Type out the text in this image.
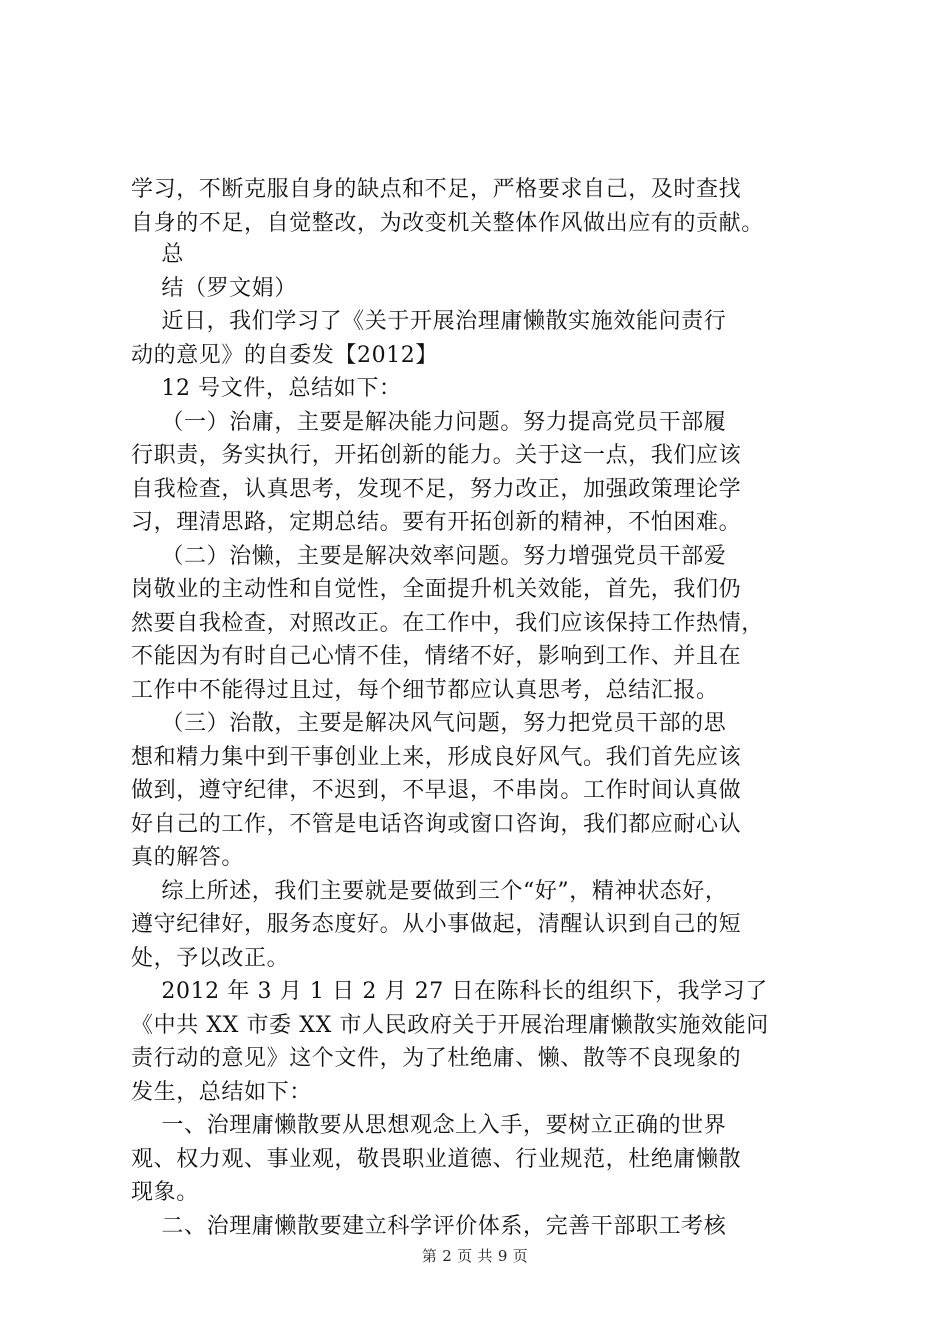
学习，不断克服自身的缺点和不足，严格要求自己，及时查找
自身的不足，自觉整改，为改变机关整体作风做出应有的贡献。
总
结（罗文娟）
近日，我们学习了《关于开展治理庸懒散实施效能问责行
动的意见》的自委发【2012】
12 号文件，总结如下：
（一）治庸，主要是解决能力问题。努力提高党员干部履
行职责，务实执行，开拓创新的能力。关于这一点，我们应该
自我检查，认真思考，发现不足，努力改正，加强政策理论学
习，理清思路，定期总结。要有开拓创新的精神，不怕困难。
（二）治懒，主要是解决效率问题。努力增强党员干部爱
岗敬业的主动性和自觉性，全面提升机关效能，首先，我们仍
然要自我检查，对照改正。在工作中，我们应该保持工作热情，
不能因为有时自己心情不佳，情绪不好，影响到工作、并且在
工作中不能得过且过，每个细节都应认真思考，总结汇报。
（三）治散，主要是解决风气问题，努力把党员干部的思
想和精力集中到干事创业上来，形成良好风气。我们首先应该
做到，遵守纪律，不迟到，不早退，不串岗。工作时间认真做
好自己的工作，不管是电话咨询或窗口咨询，我们都应耐心认
真的解答。
综上所述，我们主要就是要做到三个“好”，精神状态好，
遵守纪律好，服务态度好。从小事做起，清醒认识到自己的短
处，予以改正。
2012 年 3 月 1 日 2 月 27 日在陈科长的组织下，我学习了
《中共 XX 市委 XX 市人民政府关于开展治理庸懒散实施效能问
责行动的意见》这个文件，为了杜绝庸、懒、散等不良现象的
发生，总结如下：
一、治理庸懒散要从思想观念上入手，要树立正确的世界
观、权力观、事业观，敬畏职业道德、行业规范，杜绝庸懒散
现象。
二、治理庸懒散要建立科学评价体系，完善干部职工考核
第 2 页 共 9 页
